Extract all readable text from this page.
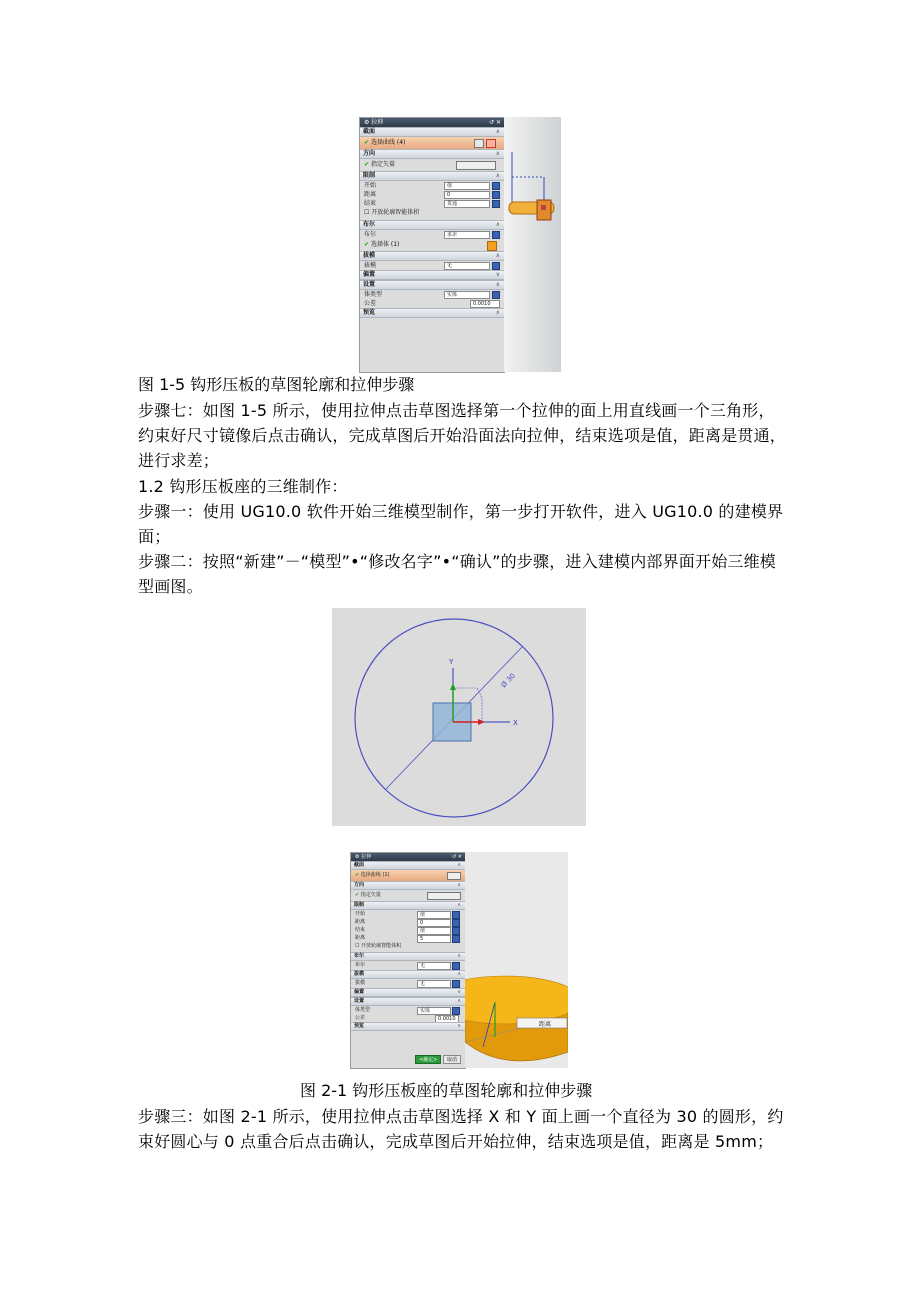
⚙ 拉伸	↺ ✕
截面	∧
✔ 选择曲线 (4)
方向	∧
✔ 指定矢量
限制	∧
开始	值
距离	0
结束	贯通
☐ 开放轮廓智能体积
布尔	∧
布尔	求差
✔ 选择体 (1)
拔模	∧
拔模	无
偏置	∨
设置	∧
体类型	实体
公差	0.0010
预览	∧
图 1-5 钩形压板的草图轮廓和拉伸步骤
步骤七：如图 1-5 所示，使用拉伸点击草图选择第一个拉伸的面上用直线画一个三角形，约束好尺寸镜像后点击确认，完成草图后开始沿面法向拉伸，结束选项是值，距离是贯通，进行求差；
1.2 钩形压板座的三维制作：
步骤一：使用 UG10.0 软件开始三维模型制作，第一步打开软件，进入 UG10.0 的建模界面；
步骤二：按照“新建”－“模型”•“修改名字”•“确认”的步骤，进入建模内部界面开始三维模型画图。
Y
X
Ø 30
⚙ 拉伸	↺ ✕
截面	∧
✔ 选择曲线 (1)
方向	∧
✔ 指定矢量
限制	∧
开始	值
距离	0
结束	值
距离	5
☐ 开放轮廓智能体积
布尔	∧
布尔	无
拔模	∧
拔模	无
偏置	∨
设置	∧
体类型	实体
公差	0.0010
预览	∨
<确定> 取消
距离
图 2-1 钩形压板座的草图轮廓和拉伸步骤
步骤三：如图 2-1 所示，使用拉伸点击草图选择 X 和 Y 面上画一个直径为 30 的圆形，约束好圆心与 0 点重合后点击确认，完成草图后开始拉伸，结束选项是值，距离是 5mm；
